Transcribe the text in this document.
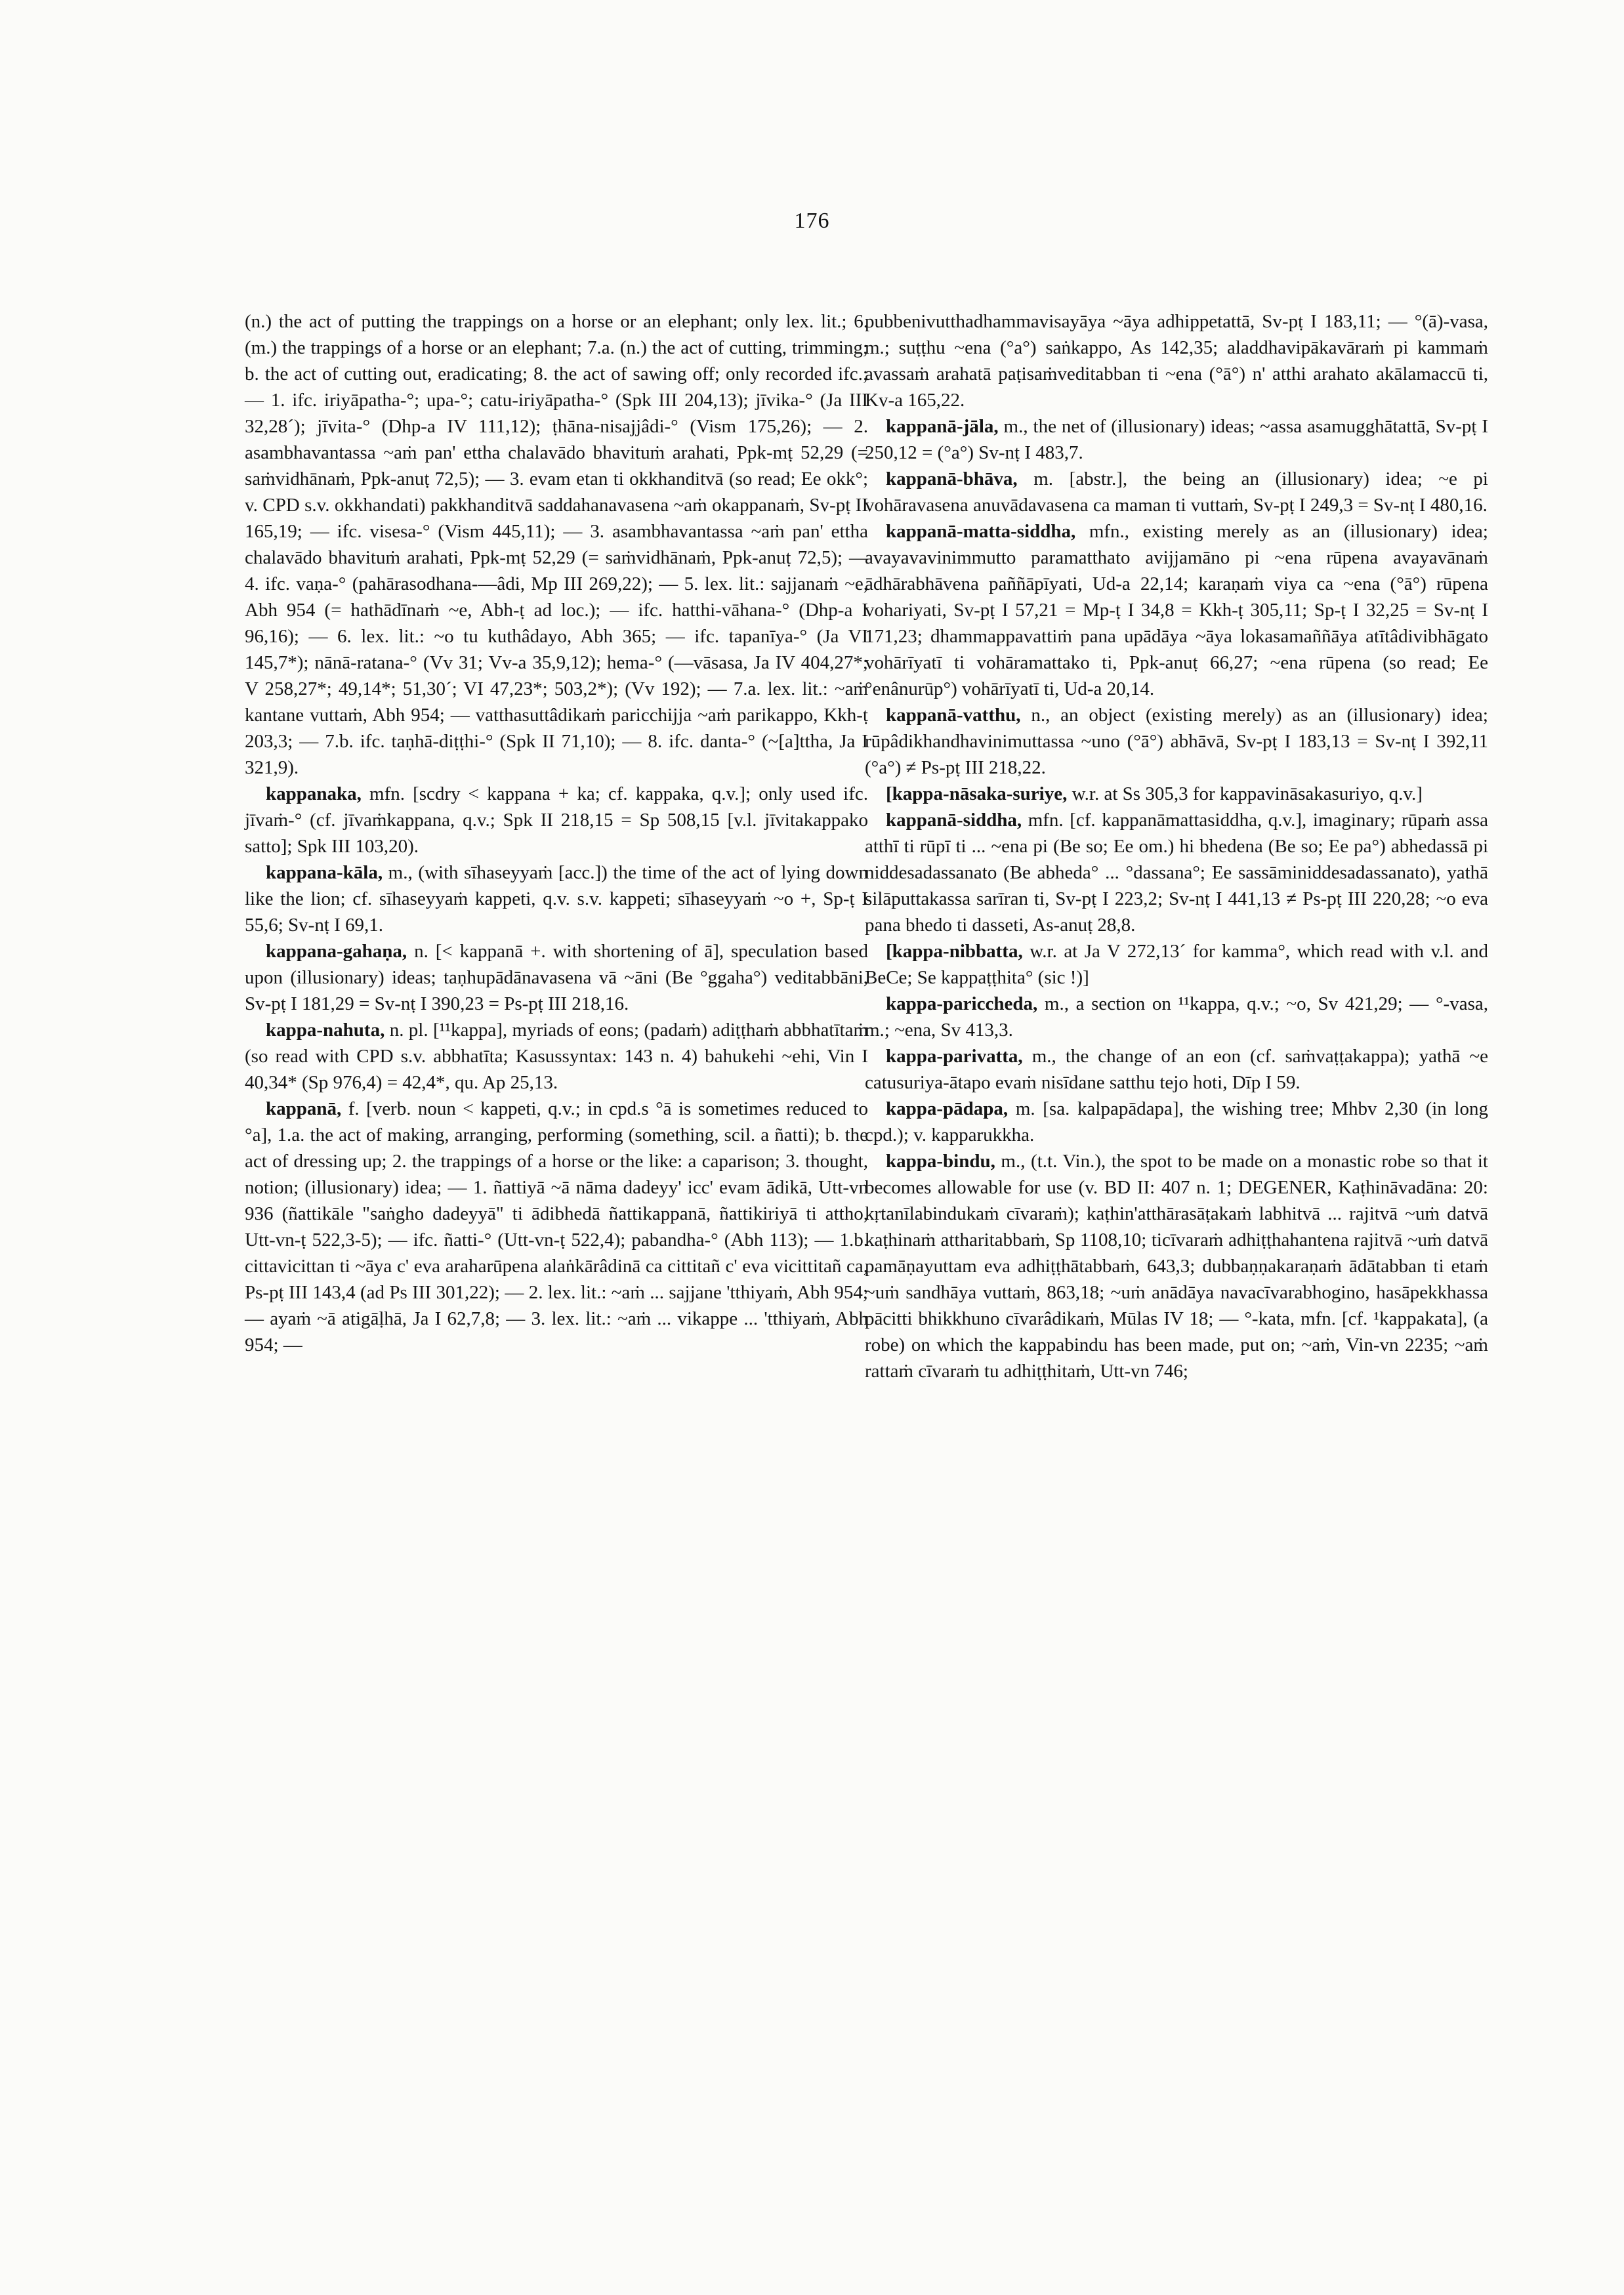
176

(n.) the act of putting the trappings on a horse or an elephant; only lex. lit.; 6. (m.) the trappings of a horse or an elephant; 7.a. (n.) the act of cutting, trimming; b. the act of cutting out, eradicating; 8. the act of sawing off; only recorded ifc.; — 1. ifc. iriyāpatha-°; upa-°; catu-iriyāpatha-° (Spk III 204,13); jīvika-° (Ja III 32,28´); jīvita-° (Dhp-a IV 111,12); ṭhāna-nisajjâdi-° (Vism 175,26); — 2. asambhavantassa ~aṁ pan' ettha chalavādo bhavituṁ arahati, Ppk-mṭ 52,29 (= saṁvidhānaṁ, Ppk-anuṭ 72,5); — 3. evam etan ti okkhanditvā (so read; Ee okk°; v. CPD s.v. okkhandati) pakkhanditvā saddahanavasena ~aṁ okappanaṁ, Sv-pṭ II 165,19; — ifc. visesa-° (Vism 445,11); — 3. asambhavantassa ~aṁ pan' ettha chalavādo bhavituṁ arahati, Ppk-mṭ 52,29 (= saṁvidhānaṁ, Ppk-anuṭ 72,5); — 4. ifc. vaṇa-° (pahārasodhana-—âdi, Mp III 269,22); — 5. lex. lit.: sajjanaṁ ~e, Abh 954 (= hathādīnaṁ ~e, Abh-ṭ ad loc.); — ifc. hatthi-vāhana-° (Dhp-a I 96,16); — 6. lex. lit.: ~o tu kuthâdayo, Abh 365; — ifc. tapanīya-° (Ja VI 145,7*); nānā-ratana-° (Vv 31; Vv-a 35,9,12); hema-° (—vāsasa, Ja IV 404,27*; V 258,27*; 49,14*; 51,30´; VI 47,23*; 503,2*); (Vv 192); — 7.a. lex. lit.: ~aṁ kantane vuttaṁ, Abh 954; — vatthasuttâdikaṁ paricchijja ~aṁ parikappo, Kkh-ṭ 203,3; — 7.b. ifc. taṇhā-diṭṭhi-° (Spk II 71,10); — 8. ifc. danta-° (~[a]ttha, Ja I 321,9).

kappanaka, mfn. [scdry < kappana + ka; cf. kappaka, q.v.]; only used ifc. jīvaṁ-° (cf. jīvaṁkappana, q.v.; Spk II 218,15 = Sp 508,15 [v.l. jīvitakappako satto]; Spk III 103,20).

kappana-kāla, m., (with sīhaseyyaṁ [acc.]) the time of the act of lying down like the lion; cf. sīhaseyyaṁ kappeti, q.v. s.v. kappeti; sīhaseyyaṁ ~o +, Sp-ṭ I 55,6; Sv-nṭ I 69,1.

kappana-gahaṇa, n. [< kappanā +. with shortening of ā], speculation based upon (illusionary) ideas; taṇhupādānavasena vā ~āni (Be °ggaha°) veditabbāni, Sv-pṭ I 181,29 = Sv-nṭ I 390,23 = Ps-pṭ III 218,16.

kappa-nahuta, n. pl. [¹¹kappa], myriads of eons; (padaṁ) adiṭṭhaṁ abbhatītaṁ (so read with CPD s.v. abbhatīta; Kasussyntax: 143 n. 4) bahukehi ~ehi, Vin I 40,34* (Sp 976,4) = 42,4*, qu. Ap 25,13.

kappanā, f. [verb. noun < kappeti, q.v.; in cpd.s °ā is sometimes reduced to °a], 1.a. the act of making, arranging, performing (something, scil. a ñatti); b. the act of dressing up; 2. the trappings of a horse or the like: a caparison; 3. thought, notion; (illusionary) idea; — 1. ñattiyā ~ā nāma dadeyy' icc' evam ādikā, Utt-vn 936 (ñattikāle "saṅgho dadeyyā" ti ādibhedā ñattikappanā, ñattikiriyā ti attho, Utt-vn-ṭ 522,3-5); — ifc. ñatti-° (Utt-vn-ṭ 522,4); pabandha-° (Abh 113); — 1.b. cittavicittan ti ~āya c' eva araharūpena alaṅkārâdinā ca cittitañ c' eva vicittitañ ca, Ps-pṭ III 143,4 (ad Ps III 301,22); — 2. lex. lit.: ~aṁ ... sajjane 'tthiyaṁ, Abh 954; — ayaṁ ~ā atigāḷhā, Ja I 62,7,8; — 3. lex. lit.: ~aṁ ... vikappe ... 'tthiyaṁ, Abh 954; —

pubbenivutthadhammavisayāya ~āya adhippetattā, Sv-pṭ I 183,11; — °(ā)-vasa, m.; suṭṭhu ~ena (°a°) saṅkappo, As 142,35; aladdhavipākavāraṁ pi kammaṁ avassaṁ arahatā paṭisaṁveditabban ti ~ena (°ā°) n' atthi arahato akālamaccū ti, Kv-a 165,22.

kappanā-jāla, m., the net of (illusionary) ideas; ~assa asamugghātattā, Sv-pṭ I 250,12 = (°a°) Sv-nṭ I 483,7.

kappanā-bhāva, m. [abstr.], the being an (illusionary) idea; ~e pi vohāravasena anuvādavasena ca maman ti vuttaṁ, Sv-pṭ I 249,3 = Sv-nṭ I 480,16.

kappanā-matta-siddha, mfn., existing merely as an (illusionary) idea; avayavavinimmutto paramatthato avijjamāno pi ~ena rūpena avayavānaṁ ādhārabhāvena paññāpīyati, Ud-a 22,14; karaṇaṁ viya ca ~ena (°ā°) rūpena vohariyati, Sv-pṭ I 57,21 = Mp-ṭ I 34,8 = Kkh-ṭ 305,11; Sp-ṭ I 32,25 = Sv-nṭ I 171,23; dhammappavattiṁ pana upādāya ~āya lokasamaññāya atītâdivibhāgato vohārīyatī ti vohāramattako ti, Ppk-anuṭ 66,27; ~ena rūpena (so read; Ee °enânurūp°) vohārīyatī ti, Ud-a 20,14.

kappanā-vatthu, n., an object (existing merely) as an (illusionary) idea; rūpâdikhandhavinimuttassa ~uno (°ā°) abhāvā, Sv-pṭ I 183,13 = Sv-nṭ I 392,11 (°a°) ≠ Ps-pṭ III 218,22.

[kappa-nāsaka-suriye, w.r. at Ss 305,3 for kappavināsakasuriyo, q.v.]

kappanā-siddha, mfn. [cf. kappanāmattasiddha, q.v.], imaginary; rūpaṁ assa atthī ti rūpī ti ... ~ena pi (Be so; Ee om.) hi bhedena (Be so; Ee pa°) abhedassā pi niddesadassanato (Be abheda° ... °dassana°; Ee sassāminiddesadassanato), yathā silāputtakassa sarīran ti, Sv-pṭ I 223,2; Sv-nṭ I 441,13 ≠ Ps-pṭ III 220,28; ~o eva pana bhedo ti dasseti, As-anuṭ 28,8.

[kappa-nibbatta, w.r. at Ja V 272,13´ for kamma°, which read with v.l. and BeCe; Se kappaṭṭhita° (sic !)]

kappa-pariccheda, m., a section on ¹¹kappa, q.v.; ~o, Sv 421,29; — °-vasa, m.; ~ena, Sv 413,3.

kappa-parivatta, m., the change of an eon (cf. saṁvaṭṭakappa); yathā ~e catusuriya-ātapo evaṁ nisīdane satthu tejo hoti, Dīp I 59.

kappa-pādapa, m. [sa. kalpapādapa], the wishing tree; Mhbv 2,30 (in long cpd.); v. kapparukkha.

kappa-bindu, m., (t.t. Vin.), the spot to be made on a monastic robe so that it becomes allowable for use (v. BD II: 407 n. 1; DEGENER, Kaṭhināvadāna: 20: kṛtanīlabindukaṁ cīvaraṁ); kaṭhin'atthārasāṭakaṁ labhitvā ... rajitvā ~uṁ datvā kaṭhinaṁ attharitabbaṁ, Sp 1108,10; ticīvaraṁ adhiṭṭhahantena rajitvā ~uṁ datvā pamāṇayuttam eva adhiṭṭhātabbaṁ, 643,3; dubbaṇṇakaraṇaṁ ādātabban ti etaṁ ~uṁ sandhāya vuttaṁ, 863,18; ~uṁ anādāya navacīvarabhogino, hasāpekkhassa pācitti bhikkhuno cīvarâdikaṁ, Mūlas IV 18; — °-kata, mfn. [cf. ¹kappakata], (a robe) on which the kappabindu has been made, put on; ~aṁ, Vin-vn 2235; ~aṁ rattaṁ cīvaraṁ tu adhiṭṭhitaṁ, Utt-vn 746;
